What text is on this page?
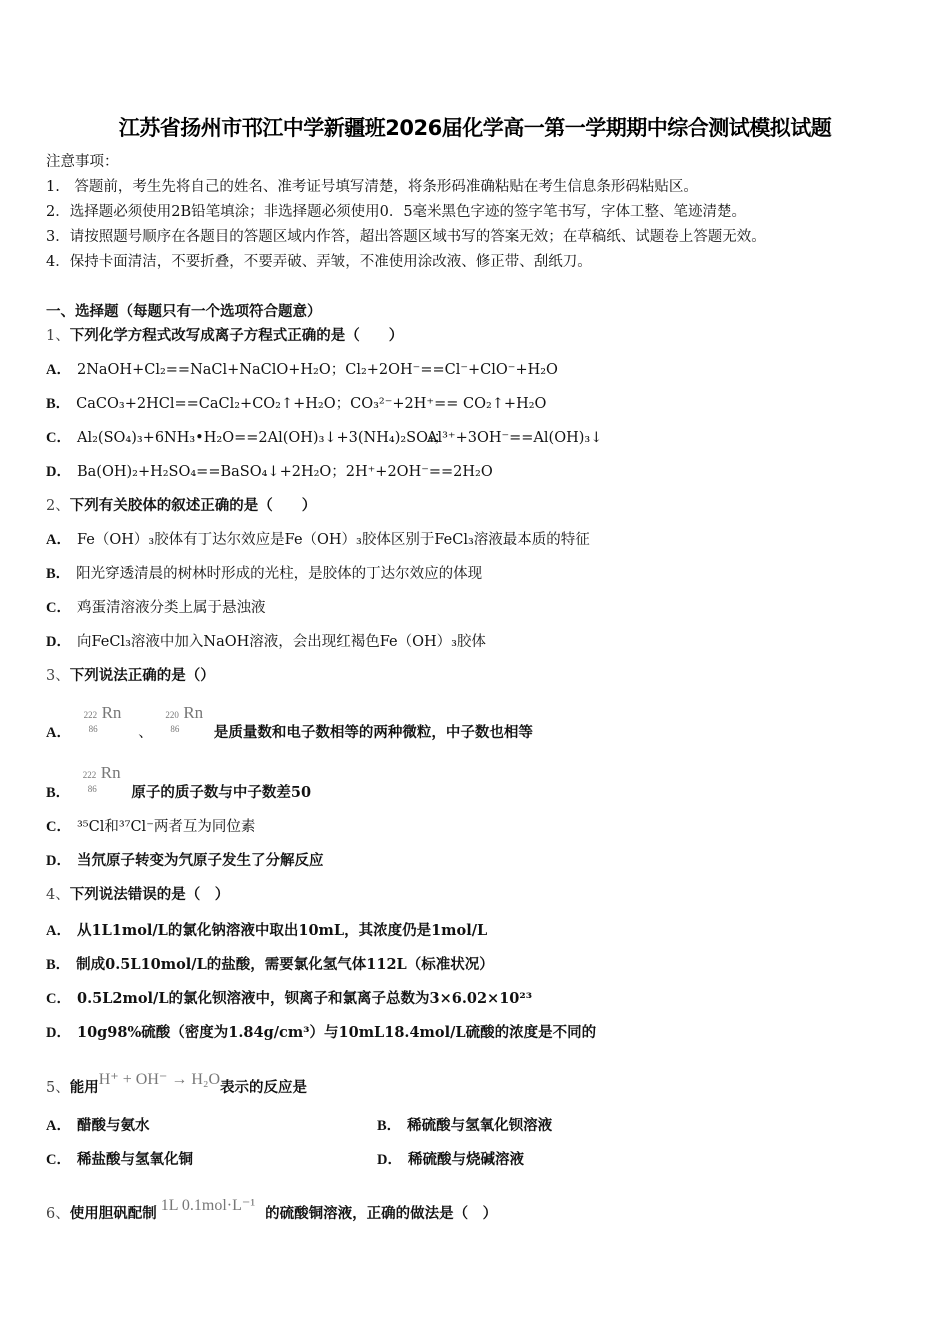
江苏省扬州市邗江中学新疆班2026届化学高一第一学期期中综合测试模拟试题
注意事项：
1.　答题前，考生先将自己的姓名、准考证号填写清楚，将条形码准确粘贴在考生信息条形码粘贴区。
2．选择题必须使用2B铅笔填涂；非选择题必须使用0．5毫米黑色字迹的签字笔书写，字体工整、笔迹清楚。
3．请按照题号顺序在各题目的答题区域内作答，超出答题区域书写的答案无效；在草稿纸、试题卷上答题无效。
4．保持卡面清洁，不要折叠，不要弄破、弄皱，不准使用涂改液、修正带、刮纸刀。
一、选择题（每题只有一个选项符合题意）
1、下列化学方程式改写成离子方程式正确的是（　　）
A． 2NaOH+Cl₂==NaCl+NaClO+H₂O；Cl₂+2OH⁻==Cl⁻+ClO⁻+H₂O
B． CaCO₃+2HCl==CaCl₂+CO₂↑+H₂O；CO₃²⁻+2H⁺== CO₂↑+H₂O
C． Al₂(SO₄)₃+6NH₃•H₂O==2Al(OH)₃↓+3(NH₄)₂SO₄；
Al³⁺+3OH⁻==Al(OH)₃↓
D． Ba(OH)₂+H₂SO₄==BaSO₄↓+2H₂O；2H⁺+2OH⁻==2H₂O
2、下列有关胶体的叙述正确的是（　　）
A． Fe（OH）₃胶体有丁达尔效应是Fe（OH）₃胶体区别于FeCl₃溶液最本质的特征
B． 阳光穿透清晨的树林时形成的光柱，是胶体的丁达尔效应的体现
C． 鸡蛋清溶液分类上属于悬浊液
D． 向FeCl₃溶液中加入NaOH溶液，会出现红褐色Fe（OH）₃胶体
3、下列说法正确的是（）
A．
222
86
Rn
、
220
86
Rn
是质量数和电子数相等的两种微粒，中子数也相等
B．
222
86
Rn
原子的质子数与中子数差50
C． ³⁵Cl和³⁷Cl⁻两者互为同位素
D． 当氘原子转变为氕原子发生了分解反应
4、下列说法错误的是（　）
A． 从1L1mol/L的氯化钠溶液中取出10mL，其浓度仍是1mol/L
B． 制成0.5L10mol/L的盐酸，需要氯化氢气体112L（标准状况）
C． 0.5L2mol/L的氯化钡溶液中，钡离子和氯离子总数为3×6.02×10²³
D． 10g98%硫酸（密度为1.84g/cm³）与10mL18.4mol/L硫酸的浓度是不同的
5、能用H⁺ + OH⁻ → H₂O表示的反应是
A． 醋酸与氨水	B． 稀硫酸与氢氧化钡溶液
C． 稀盐酸与氢氧化铜	D． 稀硫酸与烧碱溶液
6、使用胆矾配制 1L 0.1mol·L⁻¹ 的硫酸铜溶液，正确的做法是（　）
